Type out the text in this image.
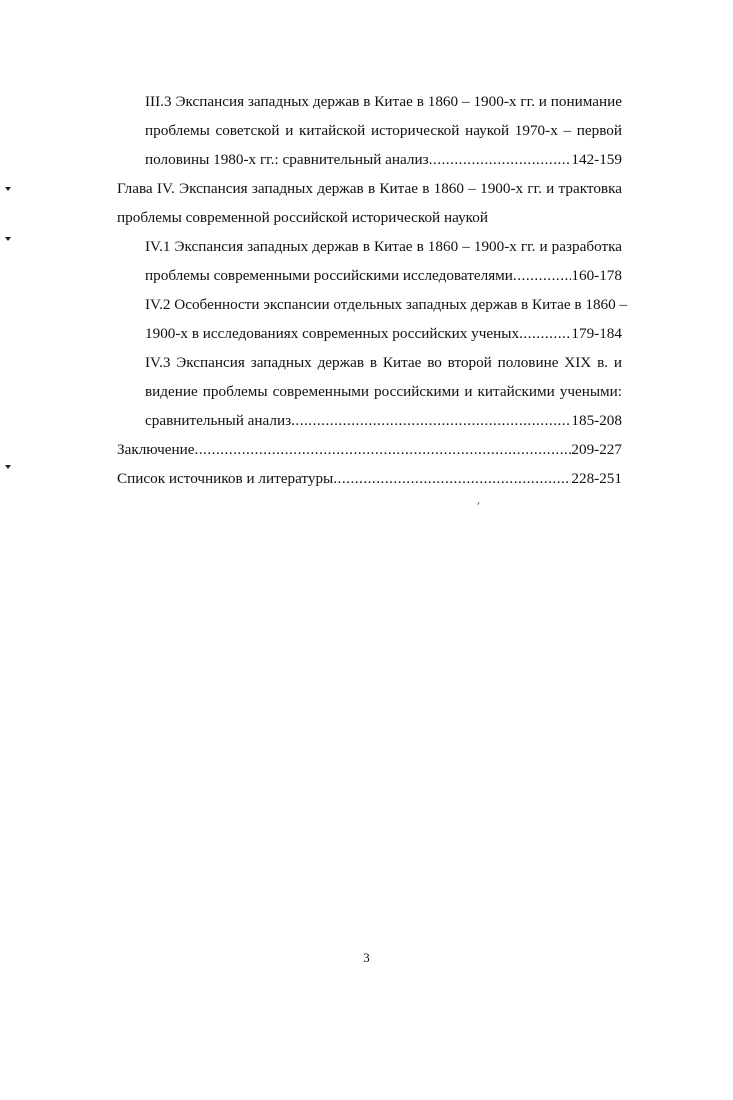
III.3 Экспансия западных держав в Китае в 1860 – 1900-х гг. и понимание
проблемы советской и китайской исторической наукой 1970-х – первой
половины 1980-х гг.: сравнительный анализ .....	142-159
Глава IV. Экспансия западных держав в Китае в 1860 – 1900-х гг. и трактовка
проблемы современной российской исторической наукой
IV.1 Экспансия западных держав в Китае в 1860 – 1900-х гг. и разработка
проблемы современными российскими исследователями .....	160-178
IV.2 Особенности экспансии отдельных западных держав в Китае в 1860 –
1900-х в исследованиях современных российских ученых .....	179-184
IV.3 Экспансия западных держав в Китае во второй половине XIX в. и
видение проблемы современными российскими и китайскими учеными:
сравнительный анализ .....	185-208
Заключение .....	209-227
Список источников и литературы .....	228-251
3
